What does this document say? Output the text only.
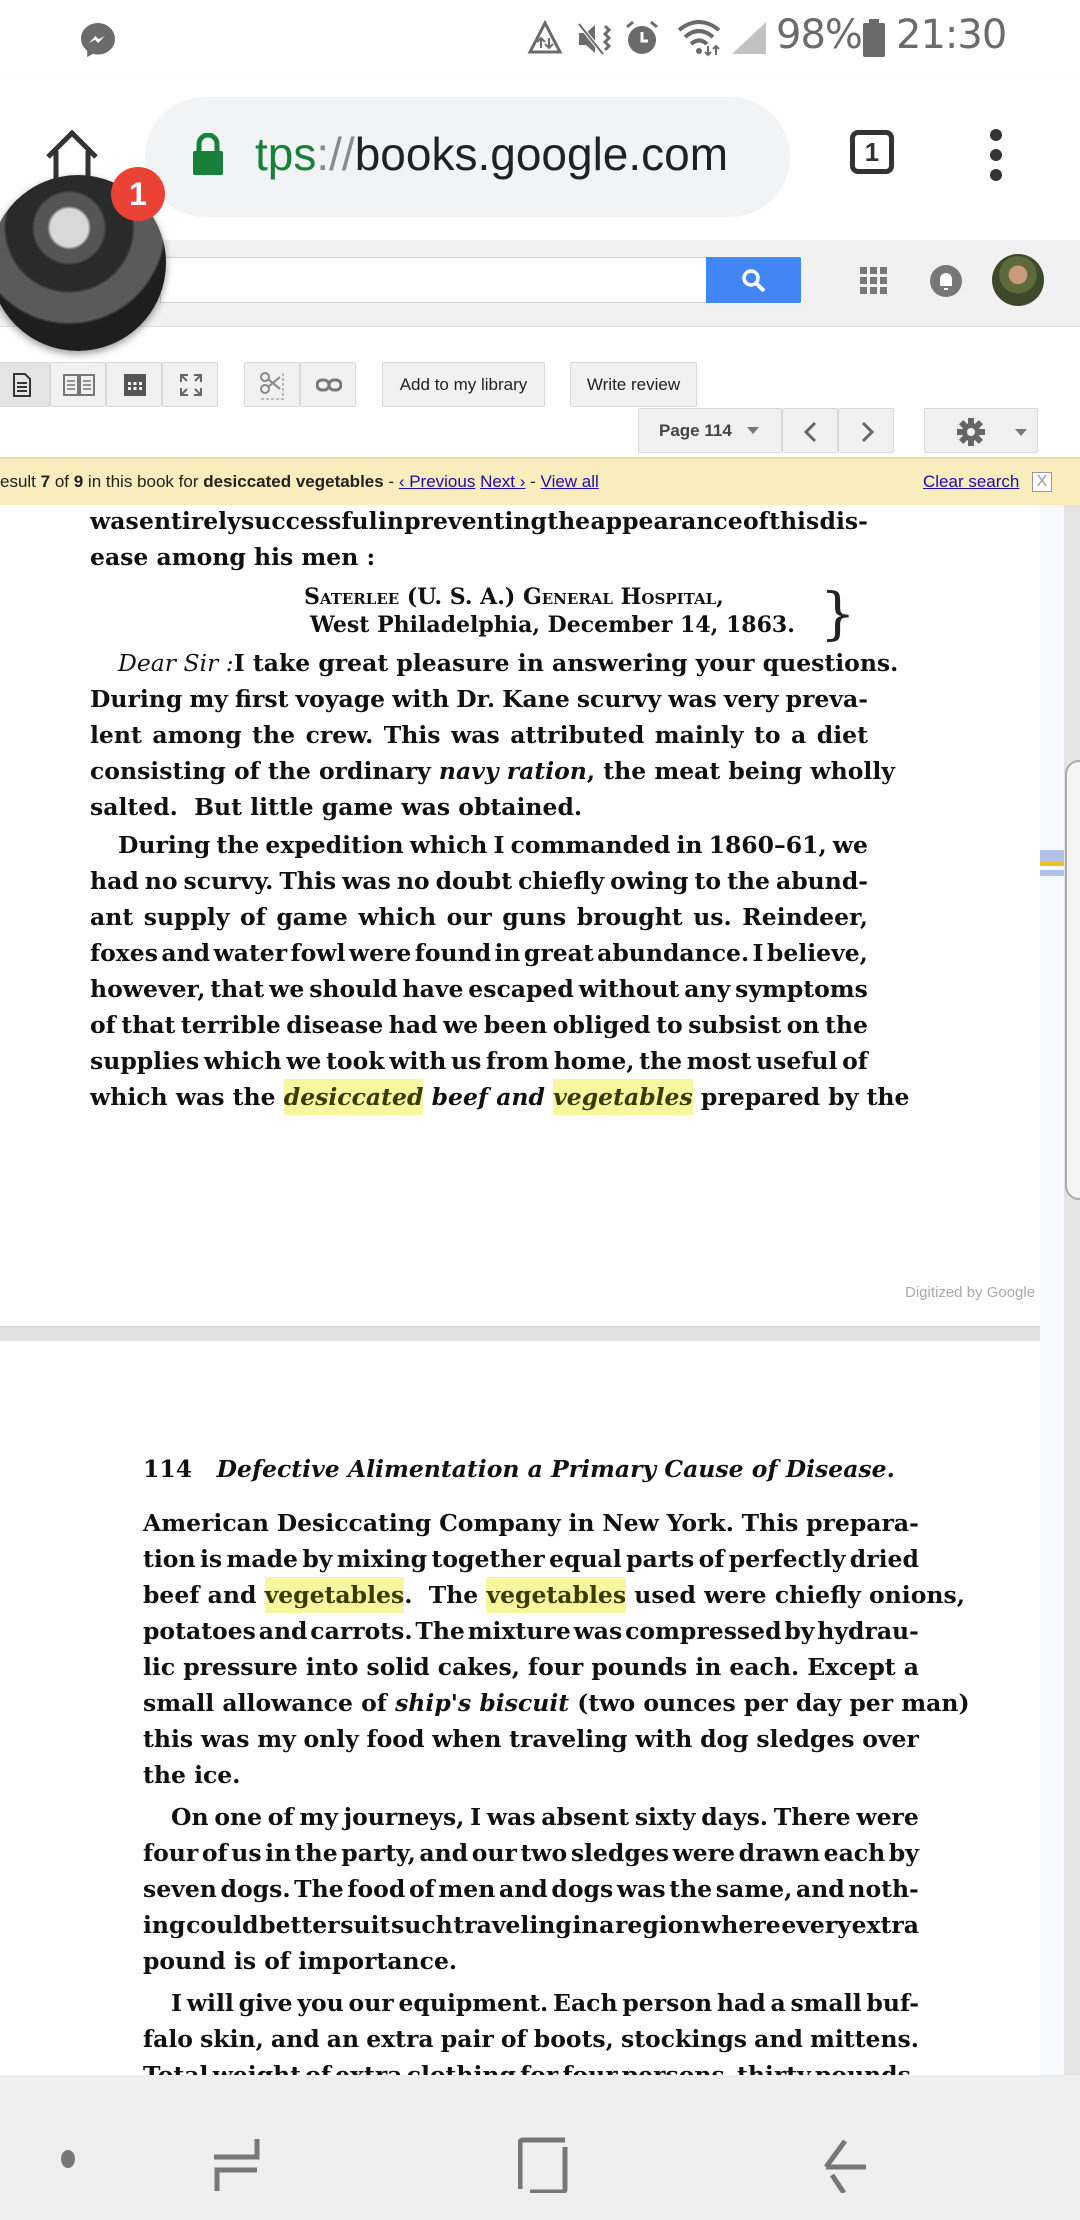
98% 21:30
tps://books.google.com	1
Add to my library	Write review
Page 114
esult 7 of 9 in this book for desiccated vegetables - ‹ Previous Next › - View all	Clear search X
was entirely successful in preventing the appearance of this dis-
ease among his men :
Saterlee (U. S. A.) General Hospital,
West Philadelphia, December 14, 1863. }
Dear Sir : I take great pleasure in answering your questions.
During my first voyage with Dr. Kane scurvy was very preva-
lent among the crew. This was attributed mainly to a diet
consisting of the ordinary navy ration , the meat being wholly
salted.  But little game was obtained.
During the expedition which I commanded in 1860–61, we
had no scurvy. This was no doubt chiefly owing to the abund-
ant supply of game which our guns brought us. Reindeer,
foxes and water fowl were found in great abundance. I believe,
however, that we should have escaped without any symptoms
of that terrible disease had we been obliged to subsist on the
supplies which we took with us from home, the most useful of
which was the desiccated beef and vegetables prepared by the
Digitized by Google
114
Defective Alimentation a Primary Cause of Disease.
American Desiccating Company in New York. This prepara-
tion is made by mixing together equal parts of perfectly dried
beef and vegetables .  The vegetables used were chiefly onions,
potatoes and carrots. The mixture was compressed by hydrau-
lic pressure into solid cakes, four pounds in each. Except a
small allowance of ship's biscuit (two ounces per day per man)
this was my only food when traveling with dog sledges over
the ice.
On one of my journeys, I was absent sixty days. There were
four of us in the party, and our two sledges were drawn each by
seven dogs. The food of men and dogs was the same, and noth-
ing could better suit such traveling in a region where every extra
pound is of importance.
I will give you our equipment. Each person had a small buf-
falo skin, and an extra pair of boots, stockings and mittens.
1
